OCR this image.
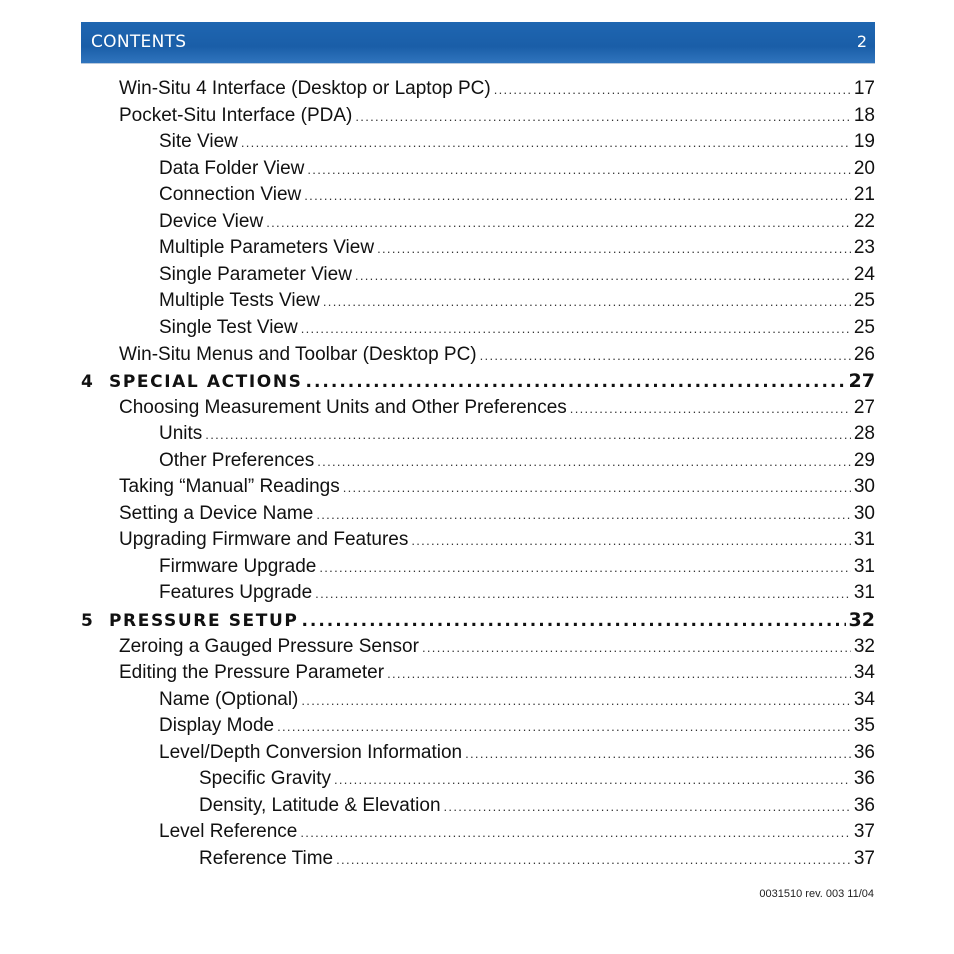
CONTENTS	2
Win-Situ 4 Interface (Desktop or Laptop PC) .....	17
Pocket-Situ Interface (PDA) .....	18
Site View .....	19
Data Folder View .....	20
Connection View .....	21
Device View .....	22
Multiple Parameters View .....	23
Single Parameter View .....	24
Multiple Tests View .....	25
Single Test View .....	25
Win-Situ Menus and Toolbar (Desktop PC) .....	26
4 SPECIAL ACTIONS .....	27
Choosing Measurement Units and Other Preferences .....	27
Units .....	28
Other Preferences .....	29
Taking “Manual” Readings .....	30
Setting a Device Name .....	30
Upgrading Firmware and Features .....	31
Firmware Upgrade .....	31
Features Upgrade .....	31
5 PRESSURE SETUP .....	32
Zeroing a Gauged Pressure Sensor .....	32
Editing the Pressure Parameter .....	34
Name (Optional) .....	34
Display Mode .....	35
Level/Depth Conversion Information .....	36
Specific Gravity .....	36
Density, Latitude & Elevation .....	36
Level Reference .....	37
Reference Time .....	37
0031510 rev. 003 11/04
